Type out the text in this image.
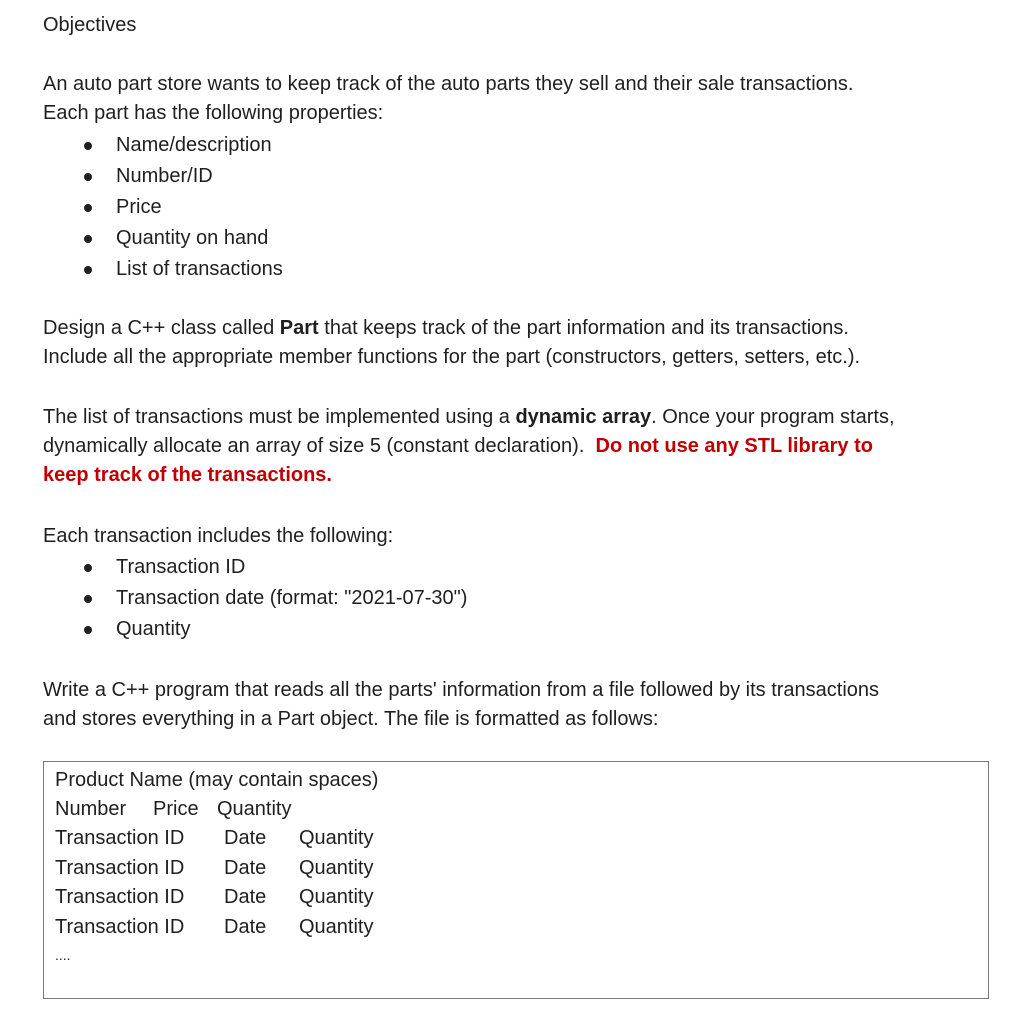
Objectives

An auto part store wants to keep track of the auto parts they sell and their sale transactions.
Each part has the following properties:

Name/description
Number/ID
Price
Quantity on hand
List of transactions

Design a C++ class called Part that keeps track of the part information and its transactions.
Include all the appropriate member functions for the part (constructors, getters, setters, etc.).

The list of transactions must be implemented using a dynamic array. Once your program starts,
dynamically allocate an array of size 5 (constant declaration).  Do not use any STL library to
keep track of the transactions.

Each transaction includes the following:

Transaction ID
Transaction date (format: "2021-07-30")
Quantity

Write a C++ program that reads all the parts' information from a file followed by its transactions
and stores everything in a Part object. The file is formatted as follows:

Product Name (may contain spaces)
Number Price Quantity
Transaction ID Date Quantity
Transaction ID Date Quantity
Transaction ID Date Quantity
Transaction ID Date Quantity
....
